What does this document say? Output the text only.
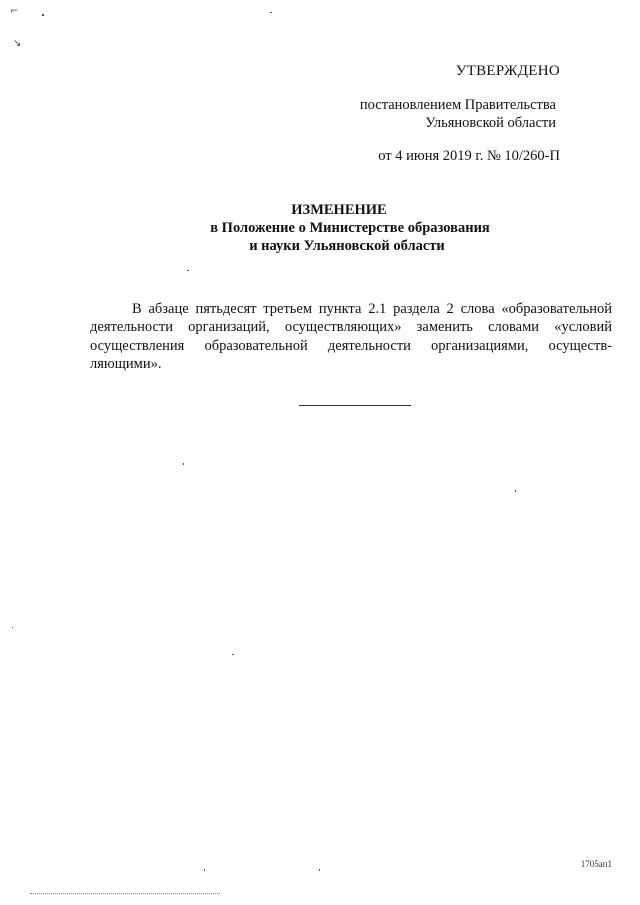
⌐
↘
УТВЕРЖДЕНО
постановлением Правительства
Ульяновской области
от 4 июня 2019 г. № 10/260-П
ИЗМЕНЕНИЕ
в Положение о Министерстве образования
и науки Ульяновской области

В абзаце пятьдесят третьем пункта 2.1 раздела 2 слова «образовательной деятельности организаций, осуществляющих» заменить словами «условий осуществления образовательной деятельности организациями, осуществ-ляющими».

1705ап1
